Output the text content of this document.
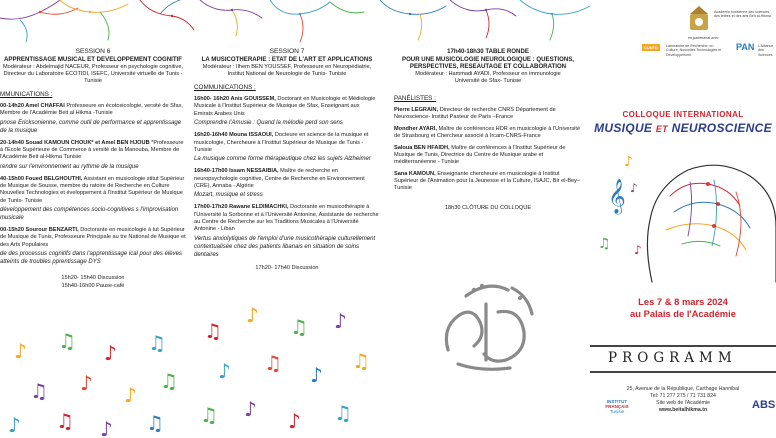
SESSION 6
APPRENTISSAGE MUSICAL ET DEVELOPPEMENT COGNITIF
Modérateur : Abdelmajid NACEUR, Professeur en psychologie cognitive, Directeur du Laboratoire ECOTIDI, ISEFC, Université virtuelle de Tunis - Tunisie
MMUNICATIONS :
00-14h20 Amel CHAFFAI Professeure en écotoxicologie, versité de Sfax, Membre de l'Académie Beit al Hikma -Tunisie
pnose Ericksonienne, comme outil de performance et apprentissage de la musique
20-14h40 Souad KAMOUN CHOUK* et Amel BEN HJOUB *Professeure à l'Ecole Supérieure de Commerce à versité de la Manouba, Membre de l'Académie Beit al-Hikma Tunisie
rendre sur l'environnement au rythme de la musique
40-15h00 Foued BELGHOUTHI, Assistant en musicologie stitut Supérieur de Musique de Sousse, membre du ratoire de Recherche en Culture Nouvelles Technologies et éveloppement à l'Institut Supérieur de Musique de Tunis- Tunisie
développement des compétences socio-cognitives s l'improvisation musicale
00-15h20 Sourour BENZARTI, Doctorante en musicologie à tut Supérieur de Musique de Tunis, Professeure Principale au tre National de Musique et des Arts Populaires
de des processus cognitifs dans l'apprentissage ical pour des élèves atteints de troubles pprentissage DYS
15h20- 15h40 Discussion
15h40-16h00 Pause-café
♪ ♫ ♪ ♫
♫ ♪ ♪
♫
♪ ♫ ♪ ♫
SESSION 7
LA MUSICOTHERAPIE : ETAT DE L'ART ET APPLICATIONS
Modérateur : Ilhem BEN YOUSSEF, Professeure en Neuropédiatrie, Institut National de Neurologie de Tunis- Tunisie
COMMUNICATIONS :
16h00- 16h20 Anis GOUISSEM, Doctorant en Musicologie et Médiologie Musicale à l'Institut Supérieur de Musique de Sfax, Enseignant aux Emirats Arabes Unis
Comprendre l'Amusie : Quand la mélodie perd son sens
16h20-16h40 Mouna ISSAOUI, Docteure en science de la musique et musicologie, Chercheure à l'Institut Supérieur de Musique de Tunis -Tunisie
La musique comme forme thérapeutique chez les sujets Alzheimer
16h40-17h00 Issam NESSAIBIA, Maître de recherche en neuropsychologie cognitive, Centre de Recherche en Environnement (CRE), Annaba - Algérie
Mozart, musique et stress
17h00-17h20 Rawane ELDIMACHKI, Doctorante en musicothérapie à l'Université la Sorbonne et à l'Université Antonine, Assistante de recherche au Centre de Recherche sur les Traditions Musicales à l'Université Antonine - Liban
Vertus anxiolytiques de l'emploi d'une musicothérapie culturellement contextualisée chez des patients libanais en situation de soins dentaires
17h20- 17h40 Discussion
♫
♪ ♫ ♪
♪ ♫ ♪
♫
♫ ♪ ♪ ♫
17h40-18h30 TABLE RONDE
POUR UNE MUSICOLOGIE NEUROLOGIQUE : QUESTIONS, PERSPECTIVES, RESEAUTAGE ET COLLABORATION
Modérateur : Hammadi AYADI, Professeur en immunologie
Université de Sfax- Tunisie
PANÉLISTES :
Pierre LEGRAIN, Directeur de recherche CNRS Département de Neuroscience- Institut Pasteur de Paris –France
Mondher AYARI, Maître de conférences HDR en musicologie à l'Université de Strasbourg et Chercheur associé à Ircam-CNRS-France
Saloua BEN HFAIDH, Maître de conférences à l'Institut Supérieur de Musique de Tunis, Directrice du Centre de Musique arabe et méditerranéenne - Tunisie
Sana KAMOUN, Enseignante chercheure en musicologie à Institut Supérieur de l'Animation pour la Jeunesse et la Culture, ISAJC, Bir el-Bey– Tunisie
18h30 CLÔTURE DU COLLOQUE
Académie tunisienne des sciences,
des lettres et des arts Beït al-Hikma
en partenariat avec
CUNTD	Laboratoire de Recherche, en Culture, Nouvelles Technologies et Développement
PAN L'Alliance
des Sciences
COLLOQUE INTERNATIONAL
MUSIQUE ET NEUROSCIENCE
𝄞
♪
♫ ♪
♪
Les 7 & 8 mars 2024
au Palais de l'Académie
PROGRAMM
25, Avenue de la République, Carthage Hannibal
Tel: 71 277 275 / 71 731 824
Site web de l'Académie
www.beitalhikma.tn
INSTITUT
FRANÇAIS
Tunisie
ABS
